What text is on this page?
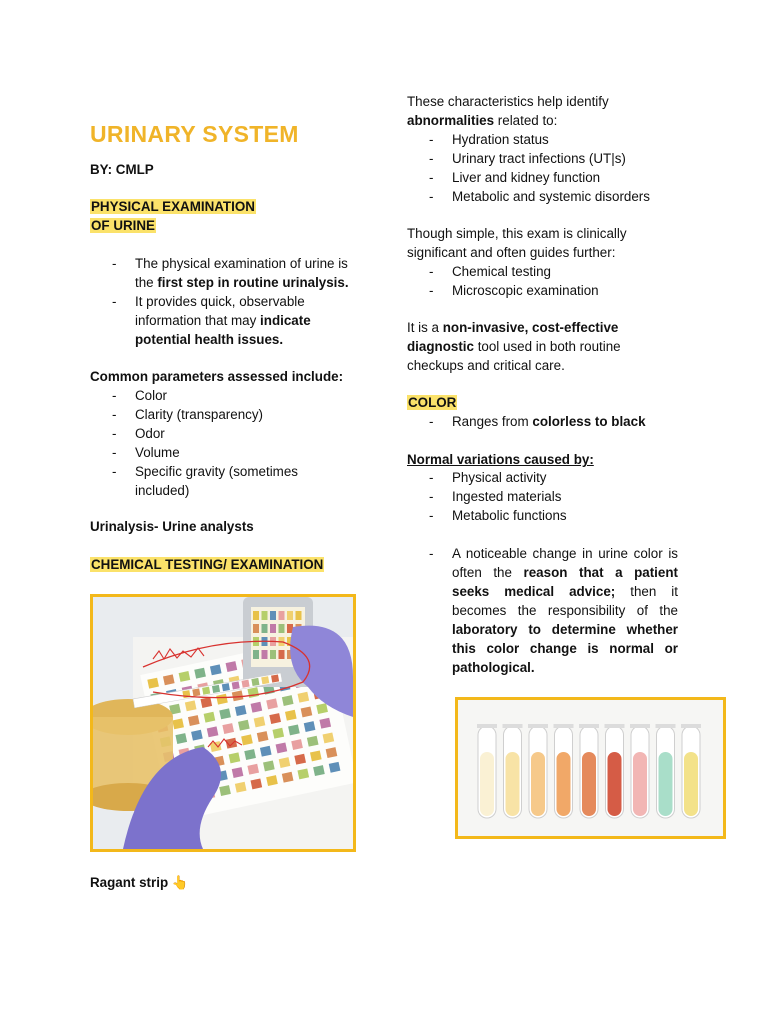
URINARY SYSTEM
BY: CMLP
PHYSICAL EXAMINATION
OF URINE
- The physical examination of urine is the first step in routine urinalysis.
- It provides quick, observable information that may indicate potential health issues.
Common parameters assessed include:
- Color
- Clarity (transparency)
- Odor
- Volume
- Specific gravity (sometimes included)
Urinalysis- Urine analysts
CHEMICAL TESTING/ EXAMINATION
Ragant strip 👆
These characteristics help identify abnormalities related to:
- Hydration status
- Urinary tract infections (UT|s)
- Liver and kidney function
- Metabolic and systemic disorders
Though simple, this exam is clinically significant and often guides further:
- Chemical testing
- Microscopic examination
It is a non-invasive, cost-effective diagnostic tool used in both routine checkups and critical care.
COLOR
- Ranges from colorless to black
Normal variations caused by:
- Physical activity
- Ingested materials
- Metabolic functions
- A noticeable change in urine color is often the reason that a patient seeks medical advice; then it becomes the responsibility of the laboratory to determine whether this color change is normal or pathological.
